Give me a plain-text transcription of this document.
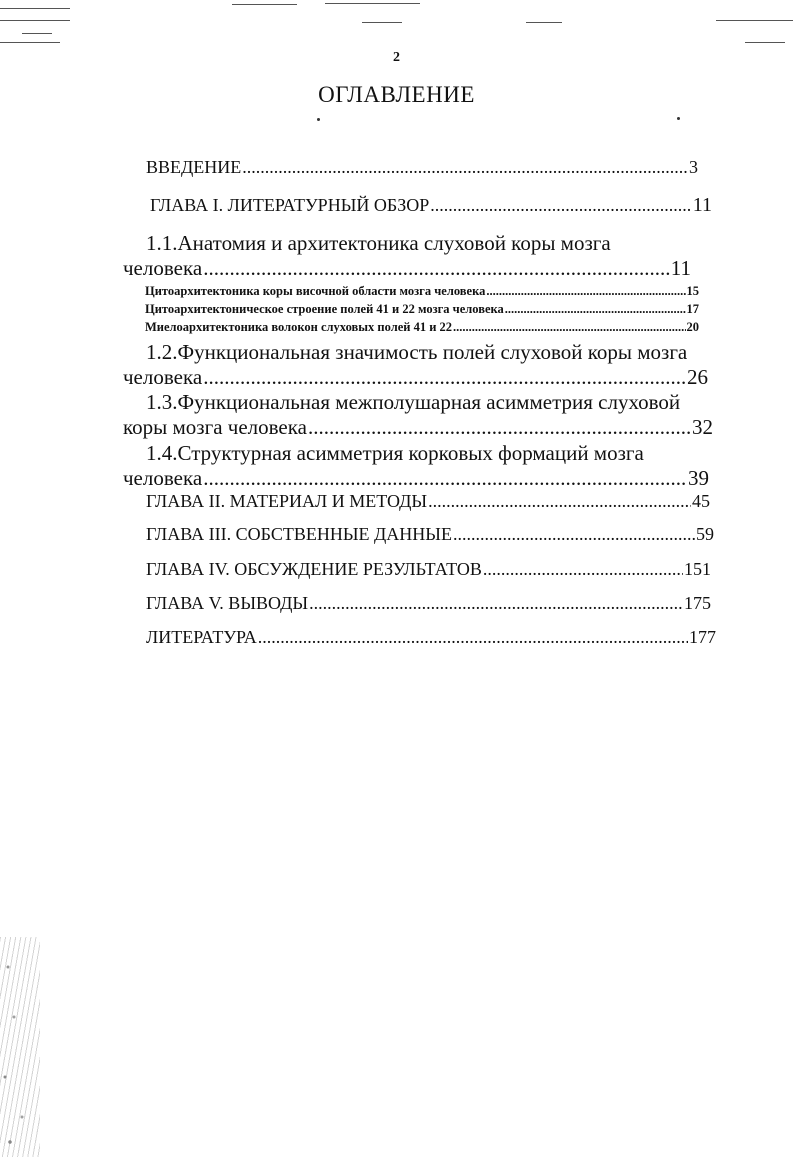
2
ОГЛАВЛЕНИЕ
ВВЕДЕНИЕ .....	3
ГЛАВА I. ЛИТЕРАТУРНЫЙ ОБЗОР .....	11
1.1.Анатомия и архитектоника слуховой коры мозга
человека .....	11
Цитоархитектоника коры височной области мозга человека .....	15
Цитоархитектоническое строение полей 41 и 22 мозга человека .....	17
Миелоархитектоника волокон слуховых полей 41 и 22 .....	20
1.2.Функциональная значимость полей слуховой коры мозга
человека .....	26
1.3.Функциональная межполушарная асимметрия слуховой
коры мозга человека .....	32
1.4.Структурная асимметрия корковых формаций мозга
человека .....	39
ГЛАВА II. МАТЕРИАЛ И МЕТОДЫ .....	45
ГЛАВА III. СОБСТВЕННЫЕ ДАННЫЕ .....	59
ГЛАВА IV. ОБСУЖДЕНИЕ РЕЗУЛЬТАТОВ .....	151
ГЛАВА V. ВЫВОДЫ .....	175
ЛИТЕРАТУРА .....	177
